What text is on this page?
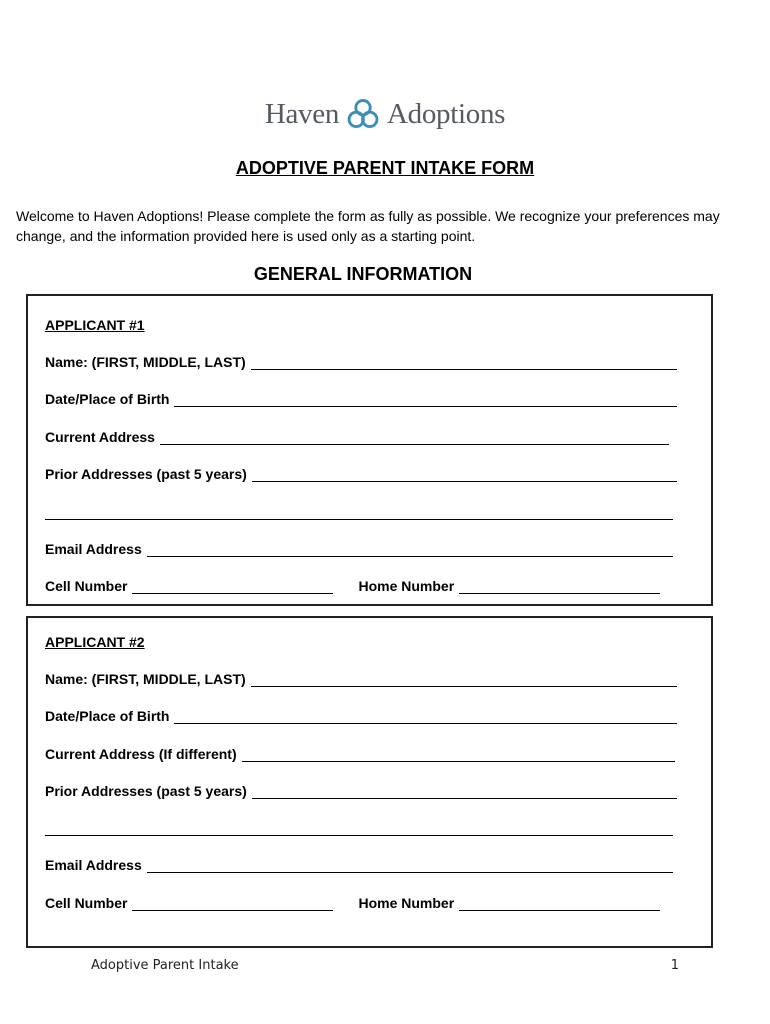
Haven Adoptions
ADOPTIVE PARENT INTAKE FORM
Welcome to Haven Adoptions! Please complete the form as fully as possible. We recognize your preferences may change, and the information provided here is used only as a starting point.
GENERAL INFORMATION
APPLICANT #1
Name: (FIRST, MIDDLE, LAST)
Date/Place of Birth
Current Address
Prior Addresses (past 5 years)
Email Address
Cell Number	Home Number
APPLICANT #2
Name: (FIRST, MIDDLE, LAST)
Date/Place of Birth
Current Address (If different)
Prior Addresses (past 5 years)
Email Address
Cell Number	Home Number
Adoptive Parent Intake	1
